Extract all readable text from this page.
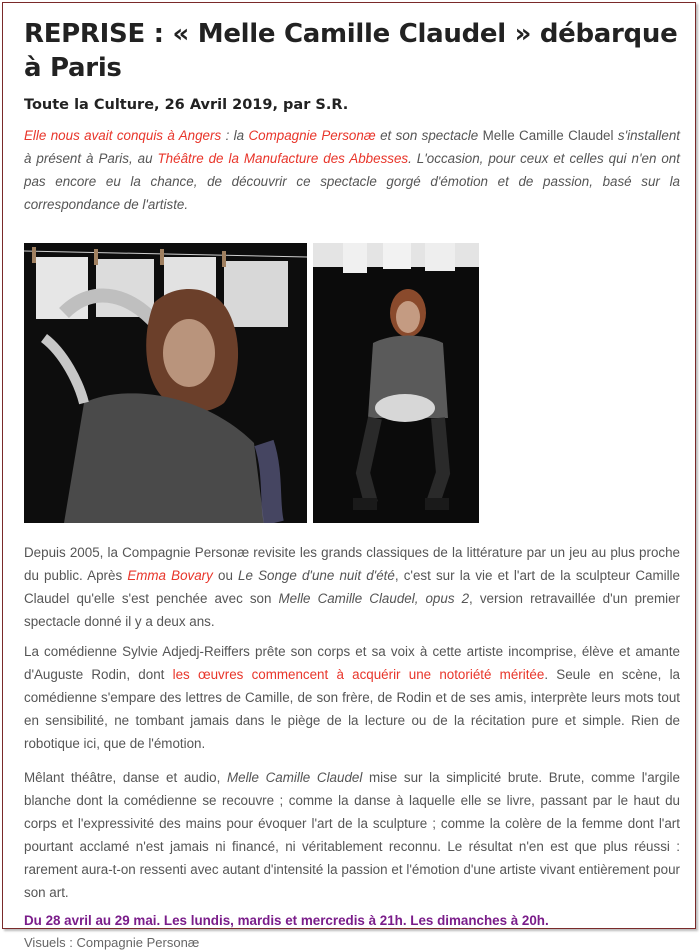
REPRISE : « Melle Camille Claudel » débarque à Paris
Toute la Culture, 26 Avril 2019, par S.R.

Elle nous avait conquis à Angers : la Compagnie Personæ et son spectacle Melle Camille Claudel s'installent à présent à Paris, au Théâtre de la Manufacture des Abbesses. L'occasion, pour ceux et celles qui n'en ont pas encore eu la chance, de découvrir ce spectacle gorgé d'émotion et de passion, basé sur la correspondance de l'artiste.

Depuis 2005, la Compagnie Personæ revisite les grands classiques de la littérature par un jeu au plus proche du public. Après Emma Bovary ou Le Songe d'une nuit d'été, c'est sur la vie et l'art de la sculpteur Camille Claudel qu'elle s'est penchée avec son Melle Camille Claudel, opus 2, version retravaillée d'un premier spectacle donné il y a deux ans.

La comédienne Sylvie Adjedj-Reiffers prête son corps et sa voix à cette artiste incomprise, élève et amante d'Auguste Rodin, dont les œuvres commencent à acquérir une notoriété méritée. Seule en scène, la comédienne s'empare des lettres de Camille, de son frère, de Rodin et de ses amis, interprète leurs mots tout en sensibilité, ne tombant jamais dans le piège de la lecture ou de la récitation pure et simple. Rien de robotique ici, que de l'émotion.

Mêlant théâtre, danse et audio, Melle Camille Claudel mise sur la simplicité brute. Brute, comme l'argile blanche dont la comédienne se recouvre ; comme la danse à laquelle elle se livre, passant par le haut du corps et l'expressivité des mains pour évoquer l'art de la sculpture ; comme la colère de la femme dont l'art pourtant acclamé n'est jamais ni financé, ni véritablement reconnu. Le résultat n'en est que plus réussi : rarement aura-t-on ressenti avec autant d'intensité la passion et l'émotion d'une artiste vivant entièrement pour son art.

Du 28 avril au 29 mai. Les lundis, mardis et mercredis à 21h. Les dimanches à 20h.
Visuels : Compagnie Personæ
